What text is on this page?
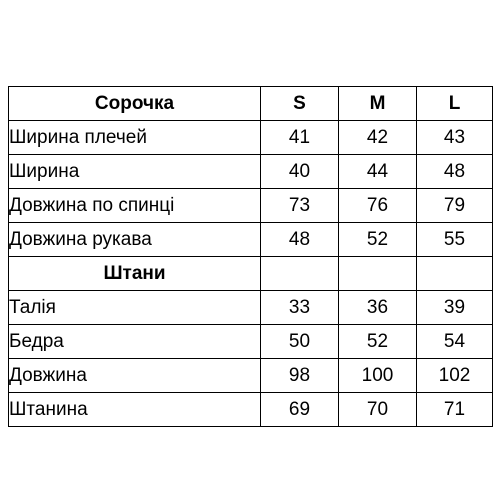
Сорочка	S	M	L
Ширина плечей	41	42	43
Ширина	40	44	48
Довжина по спинці	73	76	79
Довжина рукава	48	52	55
Штани			
Талія	33	36	39
Бедра	50	52	54
Довжина	98	100	102
Штанина	69	70	71
